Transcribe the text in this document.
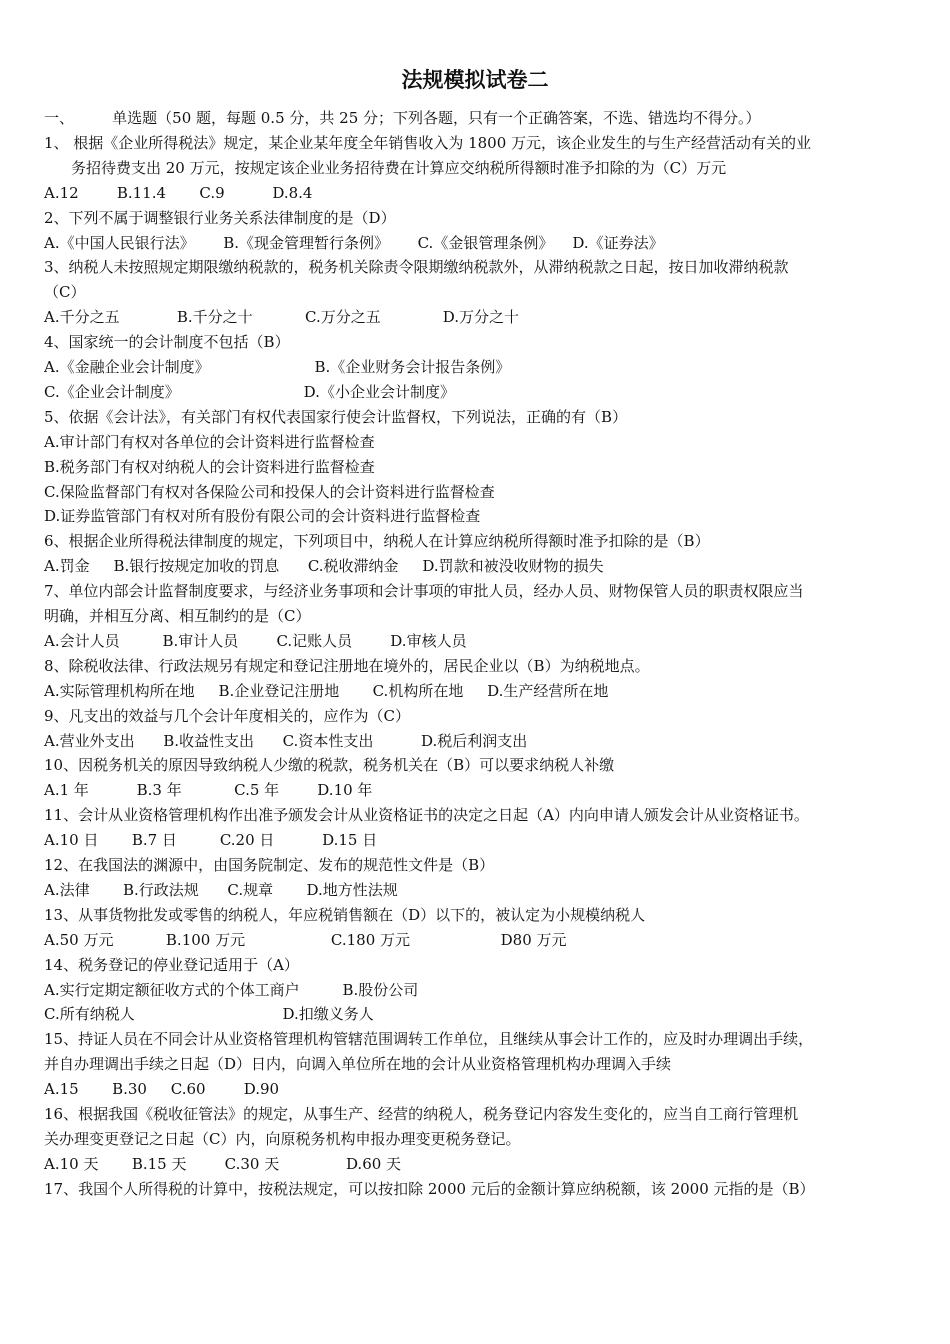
法规模拟试卷二
一、        单选题（50 题，每题 0.5 分，共 25 分；下列各题，只有一个正确答案，不选、错选均不得分。）
1、 根据《企业所得税法》规定，某企业某年度全年销售收入为 1800 万元，该企业发生的与生产经营活动有关的业
务招待费支出 20 万元，按规定该企业业务招待费在计算应交纳税所得额时准予扣除的为（C）万元
A.12        B.11.4       C.9          D.8.4
2、下列不属于调整银行业务关系法律制度的是（D）
A.《中国人民银行法》      B.《现金管理暂行条例》      C.《金银管理条例》    D.《证券法》
3、纳税人未按照规定期限缴纳税款的，税务机关除责令限期缴纳税款外，从滞纳税款之日起，按日加收滞纳税款
（C）
A.千分之五            B.千分之十           C.万分之五             D.万分之十
4、国家统一的会计制度不包括（B）
A.《金融企业会计制度》                      B.《企业财务会计报告条例》
C.《企业会计制度》                          D.《小企业会计制度》
5、依据《会计法》，有关部门有权代表国家行使会计监督权，下列说法，正确的有（B）
A.审计部门有权对各单位的会计资料进行监督检查
B.税务部门有权对纳税人的会计资料进行监督检查
C.保险监督部门有权对各保险公司和投保人的会计资料进行监督检查
D.证券监管部门有权对所有股份有限公司的会计资料进行监督检查
6、根据企业所得税法律制度的规定，下列项目中，纳税人在计算应纳税所得额时准予扣除的是（B）
A.罚金     B.银行按规定加收的罚息      C.税收滞纳金     D.罚款和被没收财物的损失
7、单位内部会计监督制度要求，与经济业务事项和会计事项的审批人员，经办人员、财物保管人员的职责权限应当
明确，并相互分离、相互制约的是（C）
A.会计人员         B.审计人员        C.记账人员        D.审核人员
8、除税收法律、行政法规另有规定和登记注册地在境外的，居民企业以（B）为纳税地点。
A.实际管理机构所在地     B.企业登记注册地       C.机构所在地     D.生产经营所在地
9、凡支出的效益与几个会计年度相关的，应作为（C）
A.营业外支出      B.收益性支出      C.资本性支出          D.税后利润支出
10、因税务机关的原因导致纳税人少缴的税款，税务机关在（B）可以要求纳税人补缴
A.1 年          B.3 年           C.5 年        D.10 年
11、会计从业资格管理机构作出准予颁发会计从业资格证书的决定之日起（A）内向申请人颁发会计从业资格证书。
A.10 日       B.7 日         C.20 日          D.15 日
12、在我国法的渊源中，由国务院制定、发布的规范性文件是（B）
A.法律       B.行政法规      C.规章       D.地方性法规
13、从事货物批发或零售的纳税人，年应税销售额在（D）以下的，被认定为小规模纳税人
A.50 万元           B.100 万元                  C.180 万元                   D80 万元
14、税务登记的停业登记适用于（A）
A.实行定期定额征收方式的个体工商户         B.股份公司
C.所有纳税人                               D.扣缴义务人
15、持证人员在不同会计从业资格管理机构管辖范围调转工作单位，且继续从事会计工作的，应及时办理调出手续，
并自办理调出手续之日起（D）日内，向调入单位所在地的会计从业资格管理机构办理调入手续
A.15       B.30     C.60        D.90
16、根据我国《税收征管法》的规定，从事生产、经营的纳税人，税务登记内容发生变化的，应当自工商行管理机
关办理变更登记之日起（C）内，向原税务机构申报办理变更税务登记。
A.10 天       B.15 天        C.30 天              D.60 天
17、我国个人所得税的计算中，按税法规定，可以按扣除 2000 元后的金额计算应纳税额，该 2000 元指的是（B）
